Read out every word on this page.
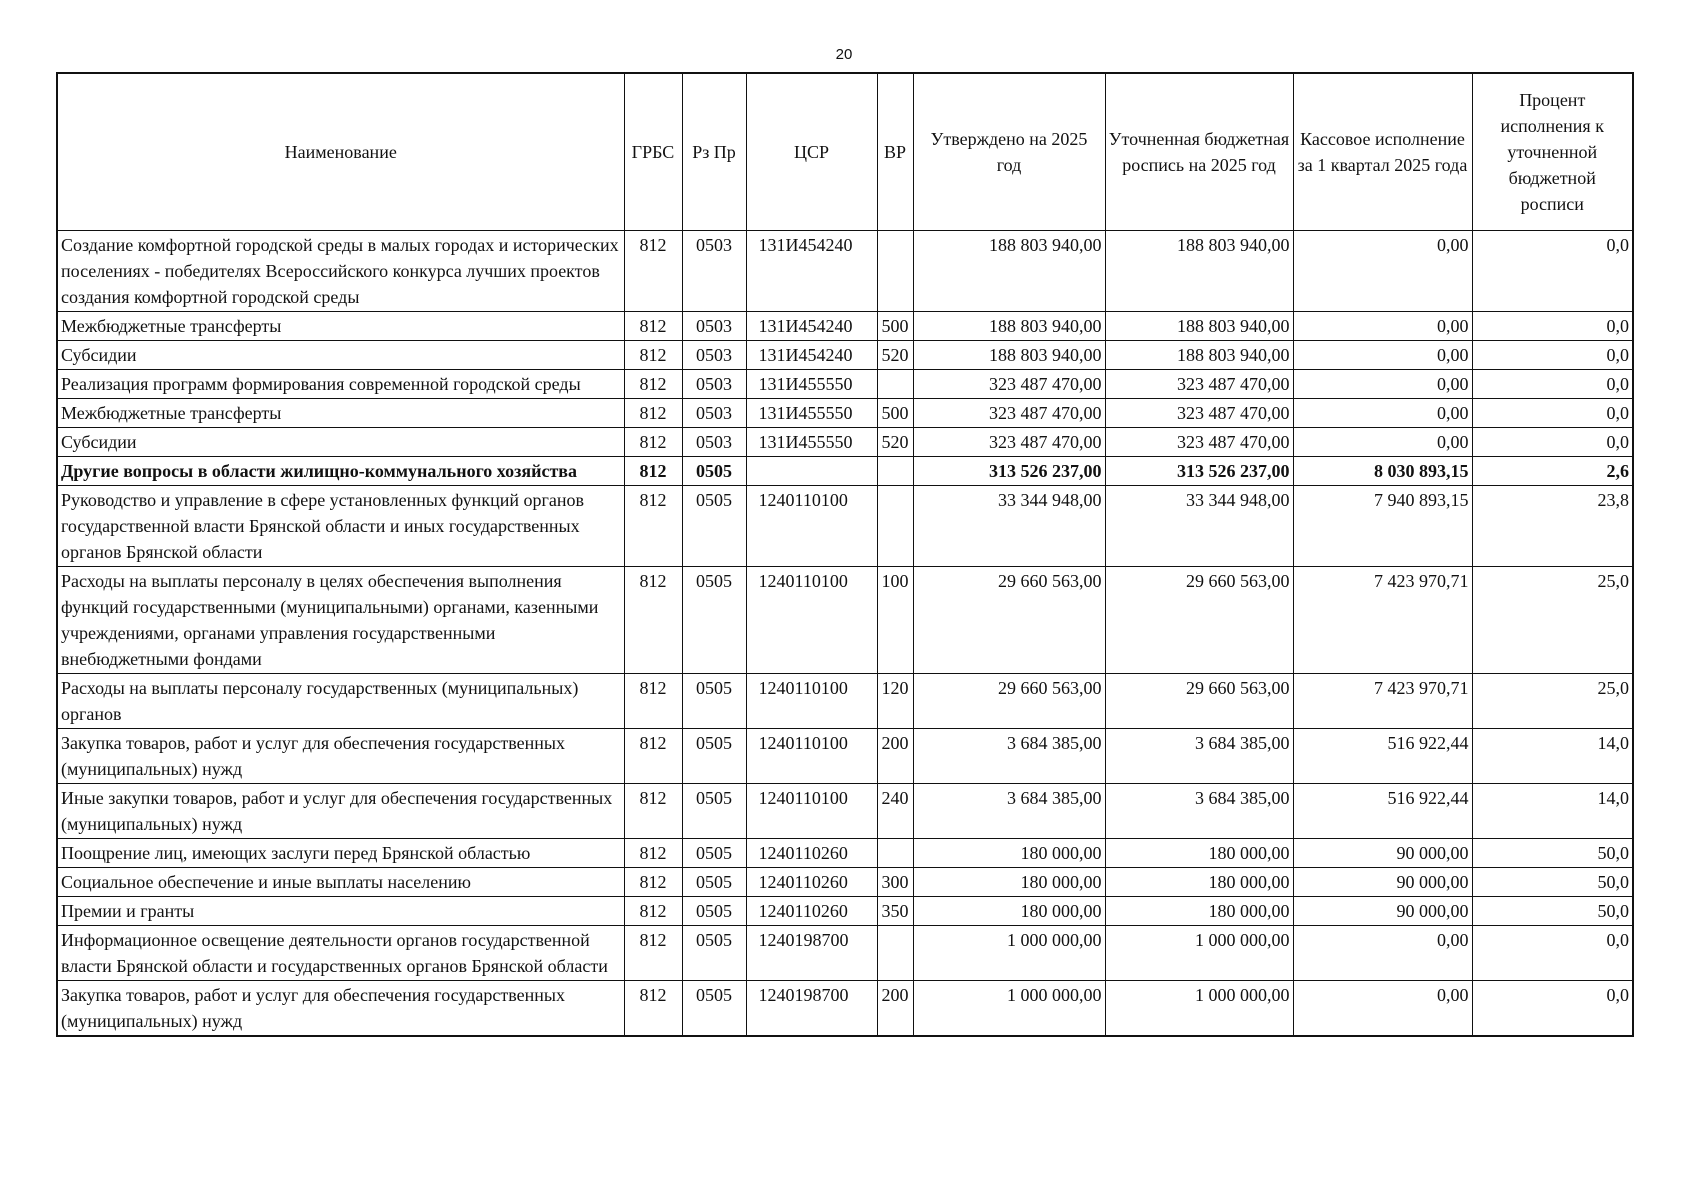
20
Наименование	ГРБС	Рз Пр	ЦСР	ВР	Утверждено на 2025 год	Уточненная бюджетная роспись на 2025 год	Кассовое исполнение за 1 квартал 2025 года	Процент исполнения к уточненной бюджетной росписи
Создание комфортной городской среды в малых городах и исторических поселениях - победителях Всероссийского конкурса лучших проектов создания комфортной городской среды	812	0503	131И454240		188 803 940,00	188 803 940,00	0,00	0,0
Межбюджетные трансферты	812	0503	131И454240	500	188 803 940,00	188 803 940,00	0,00	0,0
Субсидии	812	0503	131И454240	520	188 803 940,00	188 803 940,00	0,00	0,0
Реализация программ формирования современной городской среды	812	0503	131И455550		323 487 470,00	323 487 470,00	0,00	0,0
Межбюджетные трансферты	812	0503	131И455550	500	323 487 470,00	323 487 470,00	0,00	0,0
Субсидии	812	0503	131И455550	520	323 487 470,00	323 487 470,00	0,00	0,0
Другие вопросы в области жилищно-коммунального хозяйства	812	0505			313 526 237,00	313 526 237,00	8 030 893,15	2,6
Руководство и управление в сфере установленных функций органов государственной власти Брянской области и иных государственных органов Брянской области	812	0505	1240110100		33 344 948,00	33 344 948,00	7 940 893,15	23,8
Расходы на выплаты персоналу в целях обеспечения выполнения функций государственными (муниципальными) органами, казенными учреждениями, органами управления государственными внебюджетными фондами	812	0505	1240110100	100	29 660 563,00	29 660 563,00	7 423 970,71	25,0
Расходы на выплаты персоналу государственных (муниципальных) органов	812	0505	1240110100	120	29 660 563,00	29 660 563,00	7 423 970,71	25,0
Закупка товаров, работ и услуг для обеспечения государственных (муниципальных) нужд	812	0505	1240110100	200	3 684 385,00	3 684 385,00	516 922,44	14,0
Иные закупки товаров, работ и услуг для обеспечения государственных (муниципальных) нужд	812	0505	1240110100	240	3 684 385,00	3 684 385,00	516 922,44	14,0
Поощрение лиц, имеющих заслуги перед Брянской областью	812	0505	1240110260		180 000,00	180 000,00	90 000,00	50,0
Социальное обеспечение и иные выплаты населению	812	0505	1240110260	300	180 000,00	180 000,00	90 000,00	50,0
Премии и гранты	812	0505	1240110260	350	180 000,00	180 000,00	90 000,00	50,0
Информационное освещение деятельности органов государственной власти Брянской области и государственных органов Брянской области	812	0505	1240198700		1 000 000,00	1 000 000,00	0,00	0,0
Закупка товаров, работ и услуг для обеспечения государственных (муниципальных) нужд	812	0505	1240198700	200	1 000 000,00	1 000 000,00	0,00	0,0
